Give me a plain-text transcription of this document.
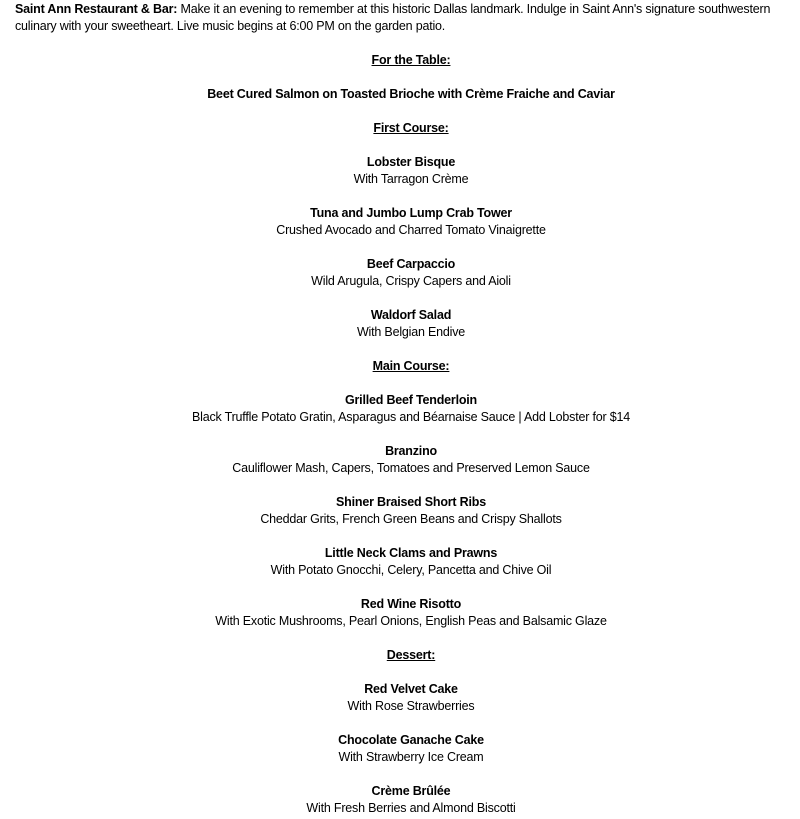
Saint Ann Restaurant & Bar: Make it an evening to remember at this historic Dallas landmark. Indulge in Saint Ann's signature southwestern culinary with your sweetheart. Live music begins at 6:00 PM on the garden patio.
For the Table:
Beet Cured Salmon on Toasted Brioche with Crème Fraiche and Caviar
First Course:
Lobster Bisque
With Tarragon Crème
Tuna and Jumbo Lump Crab Tower
Crushed Avocado and Charred Tomato Vinaigrette
Beef Carpaccio
Wild Arugula, Crispy Capers and Aioli
Waldorf Salad
With Belgian Endive
Main Course:
Grilled Beef Tenderloin
Black Truffle Potato Gratin, Asparagus and Béarnaise Sauce | Add Lobster for $14
Branzino
Cauliflower Mash, Capers, Tomatoes and Preserved Lemon Sauce
Shiner Braised Short Ribs
Cheddar Grits, French Green Beans and Crispy Shallots
Little Neck Clams and Prawns
With Potato Gnocchi, Celery, Pancetta and Chive Oil
Red Wine Risotto
With Exotic Mushrooms, Pearl Onions, English Peas and Balsamic Glaze
Dessert:
Red Velvet Cake
With Rose Strawberries
Chocolate Ganache Cake
With Strawberry Ice Cream
Crème Brûlée
With Fresh Berries and Almond Biscotti
